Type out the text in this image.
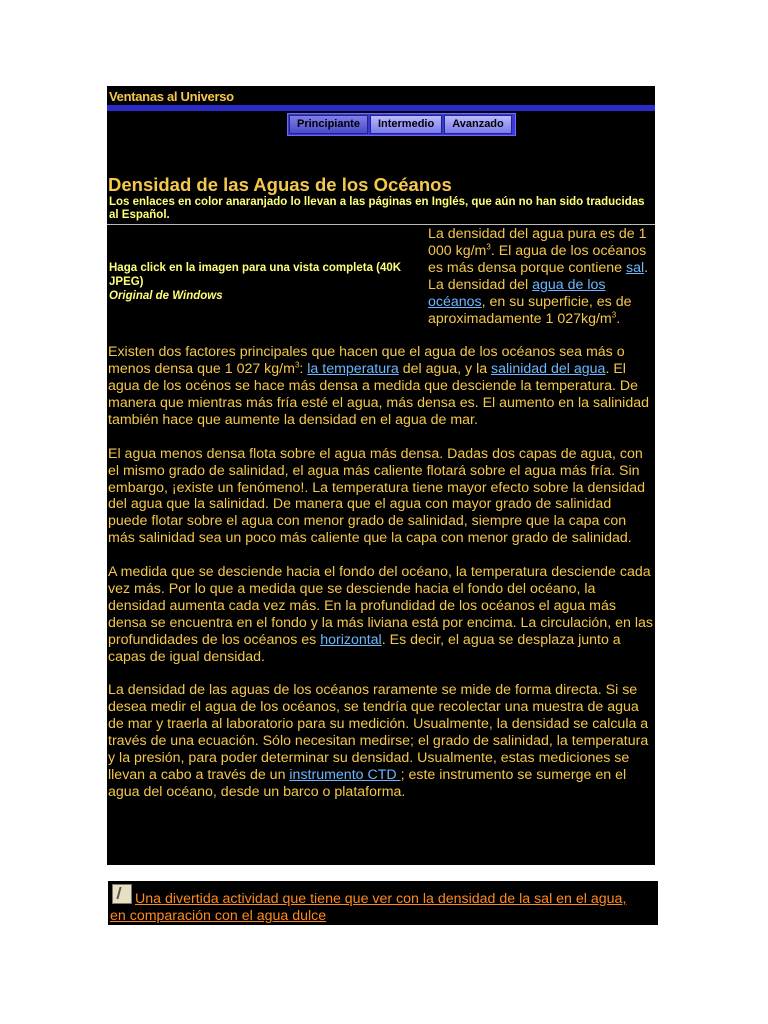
Ventanas al Universo
Principiante	Intermedio	Avanzado
Densidad de las Aguas de los Océanos

Los enlaces en color anaranjado lo llevan a las páginas en Inglés, que aún no han sido traducidas al Español.

Haga click en la imagen para una vista completa (40K JPEG)
Original de Windows

La densidad del agua pura es de 1 000 $kg/m^3$. El agua de los océanos es más densa porque contiene sal. La densidad del agua de los océanos, en su superficie, es de aproximadamente 1 $027kg/m^3$.

Existen dos factores principales que hacen que el agua de los océanos sea más o menos densa que 1 027 $kg/m^3$: la temperatura del agua, y la salinidad del agua. El agua de los océnos se hace más densa a medida que desciende la temperatura. De manera que mientras más fría esté el agua, más densa es. El aumento en la salinidad también hace que aumente la densidad en el agua de mar.

El agua menos densa flota sobre el agua más densa. Dadas dos capas de agua, con el mismo grado de salinidad, el agua más caliente flotará sobre el agua más fría. Sin embargo, ¡existe un fenómeno!. La temperatura tiene mayor efecto sobre la densidad del agua que la salinidad. De manera que el agua con mayor grado de salinidad puede flotar sobre el agua con menor grado de salinidad, siempre que la capa con más salinidad sea un poco más caliente que la capa con menor grado de salinidad.

A medida que se desciende hacia el fondo del océano, la temperatura desciende cada vez más. Por lo que a medida que se desciende hacia el fondo del océano, la densidad aumenta cada vez más. En la profundidad de los océanos el agua más densa se encuentra en el fondo y la más liviana está por encima. La circulación, en las profundidades de los océanos es horizontal. Es decir, el agua se desplaza junto a capas de igual densidad.

La densidad de las aguas de los océanos raramente se mide de forma directa. Si se desea medir el agua de los océanos, se tendría que recolectar una muestra de agua de mar y traerla al laboratorio para su medición. Usualmente, la densidad se calcula a través de una ecuación. Sólo necesitan medirse; el grado de salinidad, la temperatura y la presión, para poder determinar su densidad. Usualmente, estas mediciones se llevan a cabo a través de un instrumento CTD ; este instrumento se sumerge en el agua del océano, desde un barco o plataforma.

Una divertida actividad que tiene que ver con la densidad de la sal en el agua, en comparación con el agua dulce
